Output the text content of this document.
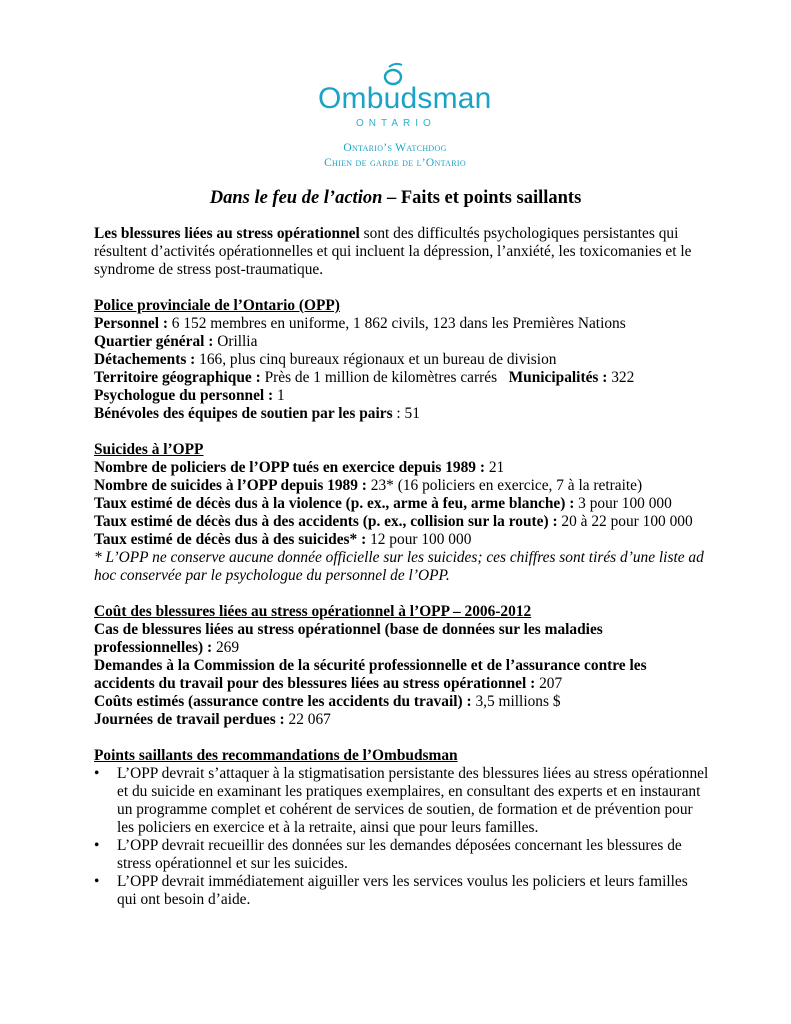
Ombudsman
ONTARIO
Ontario’s Watchdog
Chien de garde de l’Ontario
Dans le feu de l’action – Faits et points saillants

Les blessures liées au stress opérationnel sont des difficultés psychologiques persistantes qui résultent d’activités opérationnelles et qui incluent la dépression, l’anxiété, les toxicomanies et le syndrome de stress post-traumatique.

Police provinciale de l’Ontario (OPP)

Personnel : 6 152 membres en uniforme, 1 862 civils, 123 dans les Premières Nations

Quartier général : Orillia

Détachements : 166, plus cinq bureaux régionaux et un bureau de division

Territoire géographique : Près de 1 million de kilomètres carrés Municipalités : 322

Psychologue du personnel : 1

Bénévoles des équipes de soutien par les pairs : 51

Suicides à l’OPP

Nombre de policiers de l’OPP tués en exercice depuis 1989 : 21

Nombre de suicides à l’OPP depuis 1989 : 23* (16 policiers en exercice, 7 à la retraite)

Taux estimé de décès dus à la violence (p. ex., arme à feu, arme blanche) : 3 pour 100 000

Taux estimé de décès dus à des accidents (p. ex., collision sur la route) : 20 à 22 pour 100 000

Taux estimé de décès dus à des suicides* : 12 pour 100 000

* L’OPP ne conserve aucune donnée officielle sur les suicides; ces chiffres sont tirés d’une liste ad hoc conservée par le psychologue du personnel de l’OPP.

Coût des blessures liées au stress opérationnel à l’OPP – 2006-2012

Cas de blessures liées au stress opérationnel (base de données sur les maladies professionnelles) : 269

Demandes à la Commission de la sécurité professionnelle et de l’assurance contre les accidents du travail pour des blessures liées au stress opérationnel : 207

Coûts estimés (assurance contre les accidents du travail) : 3,5 millions $

Journées de travail perdues : 22 067

Points saillants des recommandations de l’Ombudsman

• L’OPP devrait s’attaquer à la stigmatisation persistante des blessures liées au stress opérationnel et du suicide en examinant les pratiques exemplaires, en consultant des experts et en instaurant un programme complet et cohérent de services de soutien, de formation et de prévention pour les policiers en exercice et à la retraite, ainsi que pour leurs familles.
• L’OPP devrait recueillir des données sur les demandes déposées concernant les blessures de stress opérationnel et sur les suicides.
• L’OPP devrait immédiatement aiguiller vers les services voulus les policiers et leurs familles qui ont besoin d’aide.
